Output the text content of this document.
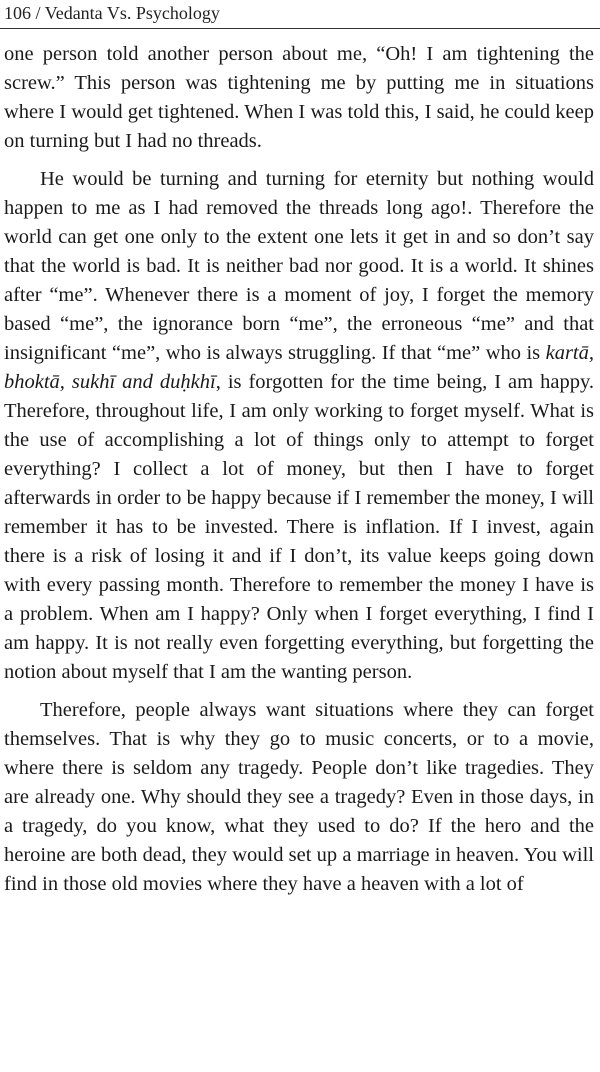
106 / Vedanta Vs. Psychology

one person told another person about me, “Oh! I am tightening the screw.” This person was tightening me by putting me in situations where I would get tightened. When I was told this, I said, he could keep on turning but I had no threads.

He would be turning and turning for eternity but nothing would happen to me as I had removed the threads long ago!. Therefore the world can get one only to the extent one lets it get in and so don’t say that the world is bad. It is neither bad nor good. It is a world. It shines after “me”. Whenever there is a moment of joy, I forget the memory based “me”, the ignorance born “me”, the erroneous “me” and that insignificant “me”, who is always struggling. If that “me” who is kartā, bhoktā, sukhī and duḥkhī, is forgotten for the time being, I am happy. Therefore, throughout life, I am only working to forget myself. What is the use of accomplishing a lot of things only to attempt to forget everything? I collect a lot of money, but then I have to forget afterwards in order to be happy because if I remember the money, I will remember it has to be invested. There is inflation. If I invest, again there is a risk of losing it and if I don’t, its value keeps going down with every passing month. Therefore to remember the money I have is a problem. When am I happy? Only when I forget everything, I find I am happy. It is not really even forgetting everything, but forgetting the notion about myself that I am the wanting person.

Therefore, people always want situations where they can forget themselves. That is why they go to music concerts, or to a movie, where there is seldom any tragedy. People don’t like tragedies. They are already one. Why should they see a tragedy? Even in those days, in a tragedy, do you know, what they used to do? If the hero and the heroine are both dead, they would set up a marriage in heaven. You will find in those old movies where they have a heaven with a lot of
